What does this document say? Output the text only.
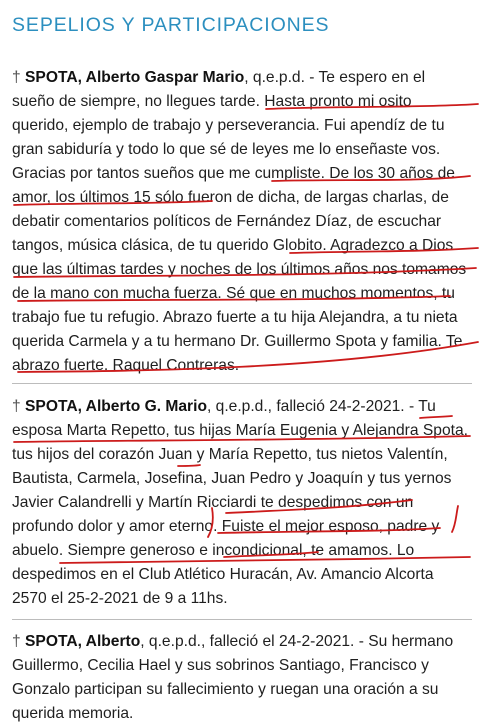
SEPELIOS Y PARTICIPACIONES

† SPOTA, Alberto Gaspar Mario, q.e.p.d. - Te espero en el sueño de siempre, no llegues tarde. Hasta pronto mi osito querido, ejemplo de trabajo y perseverancia. Fui apendíz de tu gran sabiduría y todo lo que sé de leyes me lo enseñaste vos. Gracias por tantos sueños que me cumpliste. De los 30 años de amor, los últimos 15 sólo fueron de dicha, de largas charlas, de debatir comentarios políticos de Fernández Díaz, de escuchar tangos, música clásica, de tu querido Globito. Agradezco a Dios que las últimas tardes y noches de los últimos años nos tomamos de la mano con mucha fuerza. Sé que en muchos momentos, tu trabajo fue tu refugio. Abrazo fuerte a tu hija Alejandra, a tu nieta querida Carmela y a tu hermano Dr. Guillermo Spota y familia. Te abrazo fuerte. Raquel Contreras.

† SPOTA, Alberto G. Mario, q.e.p.d., falleció 24-2-2021. - Tu esposa Marta Repetto, tus hijas María Eugenia y Alejandra Spota, tus hijos del corazón Juan y María Repetto, tus nietos Valentín, Bautista, Carmela, Josefina, Juan Pedro y Joaquín y tus yernos Javier Calandrelli y Martín Ricciardi te despedimos con un profundo dolor y amor eterno. Fuiste el mejor esposo, padre y abuelo. Siempre generoso e incondicional, te amamos. Lo despedimos en el Club Atlético Huracán, Av. Amancio Alcorta 2570 el 25-2-2021 de 9 a 11hs.

† SPOTA, Alberto, q.e.p.d., falleció el 24-2-2021. - Su hermano Guillermo, Cecilia Hael y sus sobrinos Santiago, Francisco y Gonzalo participan su fallecimiento y ruegan una oración a su querida memoria.
